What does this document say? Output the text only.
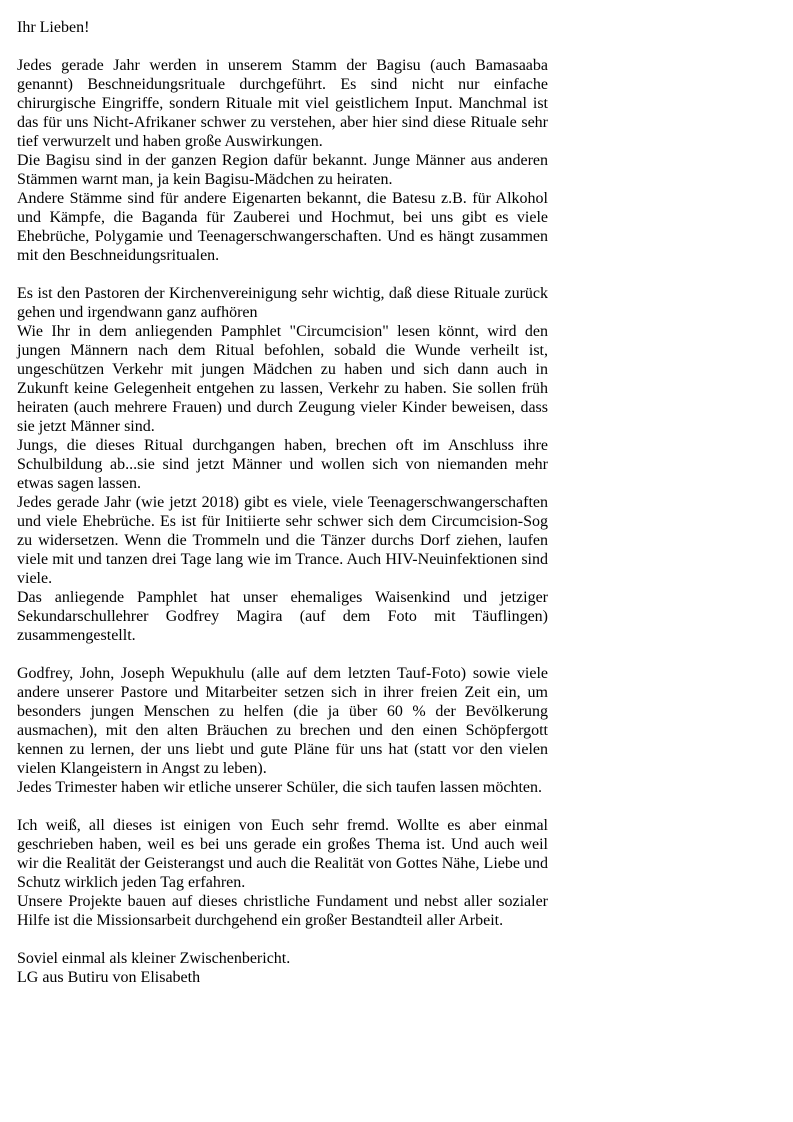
Ihr Lieben!

Jedes gerade Jahr werden in unserem Stamm der Bagisu (auch Bamasaaba genannt) Beschneidungsrituale durchgeführt. Es sind nicht nur einfache chirurgische Eingriffe, sondern Rituale mit viel geistlichem Input. Manchmal ist das für uns Nicht-Afrikaner schwer zu verstehen, aber hier sind diese Rituale sehr tief verwurzelt und haben große Auswirkungen.

Die Bagisu sind in der ganzen Region dafür bekannt. Junge Männer aus anderen Stämmen warnt man, ja kein Bagisu-Mädchen zu heiraten.

Andere Stämme sind für andere Eigenarten bekannt, die Batesu z.B. für Alkohol und Kämpfe, die Baganda für Zauberei und Hochmut, bei uns gibt es viele Ehebrüche, Polygamie und Teenagerschwangerschaften. Und es hängt zusammen mit den Beschneidungsritualen.

Es ist den Pastoren der Kirchenvereinigung sehr wichtig, daß diese Rituale zurück gehen und irgendwann ganz aufhören

Wie Ihr in dem anliegenden Pamphlet "Circumcision" lesen könnt, wird den jungen Männern nach dem Ritual befohlen, sobald die Wunde verheilt ist, ungeschützen Verkehr mit jungen Mädchen zu haben und sich dann auch in Zukunft keine Gelegenheit entgehen zu lassen, Verkehr zu haben. Sie sollen früh heiraten (auch mehrere Frauen) und durch Zeugung vieler Kinder beweisen, dass sie jetzt Männer sind.

Jungs, die dieses Ritual durchgangen haben, brechen oft im Anschluss ihre Schulbildung ab...sie sind jetzt Männer und wollen sich von niemanden mehr etwas sagen lassen.

Jedes gerade Jahr (wie jetzt 2018) gibt es viele, viele Teenagerschwangerschaften und viele Ehebrüche. Es ist für Initiierte sehr schwer sich dem Circumcision-Sog zu widersetzen. Wenn die Trommeln und die Tänzer durchs Dorf ziehen, laufen viele mit und tanzen drei Tage lang wie im Trance. Auch HIV-Neuinfektionen sind viele.

Das anliegende Pamphlet hat unser ehemaliges Waisenkind und jetziger Sekundarschullehrer Godfrey Magira (auf dem Foto mit Täuflingen) zusammengestellt.

Godfrey, John, Joseph Wepukhulu (alle auf dem letzten Tauf-Foto) sowie viele andere unserer Pastore und Mitarbeiter setzen sich in ihrer freien Zeit ein, um besonders jungen Menschen zu helfen (die ja über 60 % der Bevölkerung ausmachen), mit den alten Bräuchen zu brechen und den einen Schöpfergott kennen zu lernen, der uns liebt und gute Pläne für uns hat (statt vor den vielen vielen Klangeistern in Angst zu leben).

Jedes Trimester haben wir etliche unserer Schüler, die sich taufen lassen möchten.

Ich weiß, all dieses ist einigen von Euch sehr fremd. Wollte es aber einmal geschrieben haben, weil es bei uns gerade ein großes Thema ist. Und auch weil wir die Realität der Geisterangst und auch die Realität von Gottes Nähe, Liebe und Schutz wirklich jeden Tag erfahren.

Unsere Projekte bauen auf dieses christliche Fundament und nebst aller sozialer Hilfe ist die Missionsarbeit durchgehend ein großer Bestandteil aller Arbeit.

Soviel einmal als kleiner Zwischenbericht.

LG aus Butiru von Elisabeth
